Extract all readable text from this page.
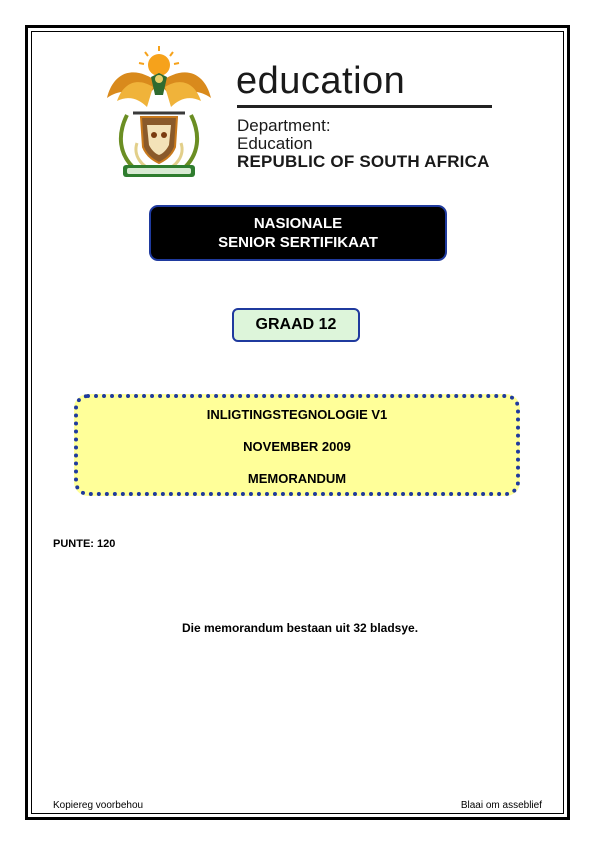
education
Department:
Education
REPUBLIC OF SOUTH AFRICA
NASIONALE
SENIOR SERTIFIKAAT
GRAAD 12
INLIGTINGSTEGNOLOGIE V1
NOVEMBER 2009
MEMORANDUM
PUNTE: 120
Die memorandum bestaan uit 32 bladsye.
Kopiereg voorbehou	Blaai om asseblief
